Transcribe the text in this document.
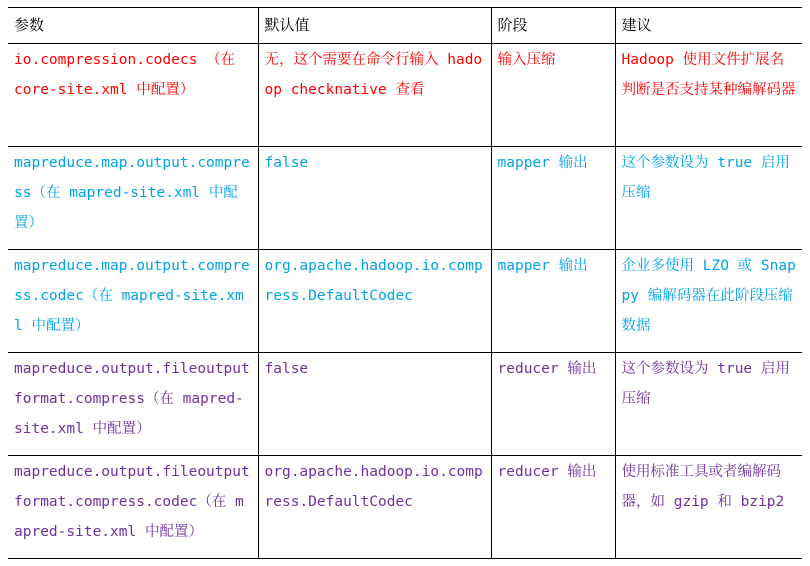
参数	默认值	阶段	建议
io.compression.codecs （在 core-site.xml 中配置）	无，这个需要在命令行输入 hadoop checknative 查看	输入压缩	Hadoop 使用文件扩展名判断是否支持某种编解码器
mapreduce.map.output.compress（在 mapred-site.xml 中配置）	false	mapper 输出	这个参数设为 true 启用压缩
mapreduce.map.output.compress.codec（在 mapred-site.xml 中配置）	org.apache.hadoop.io.compress.DefaultCodec	mapper 输出	企业多使用 LZO 或 Snappy 编解码器在此阶段压缩数据
mapreduce.output.fileoutputformat.compress（在 mapred-site.xml 中配置）	false	reducer 输出	这个参数设为 true 启用压缩
mapreduce.output.fileoutputformat.compress.codec（在 mapred-site.xml 中配置）	org.apache.hadoop.io.compress.DefaultCodec	reducer 输出	使用标准工具或者编解码器，如 gzip 和 bzip2
